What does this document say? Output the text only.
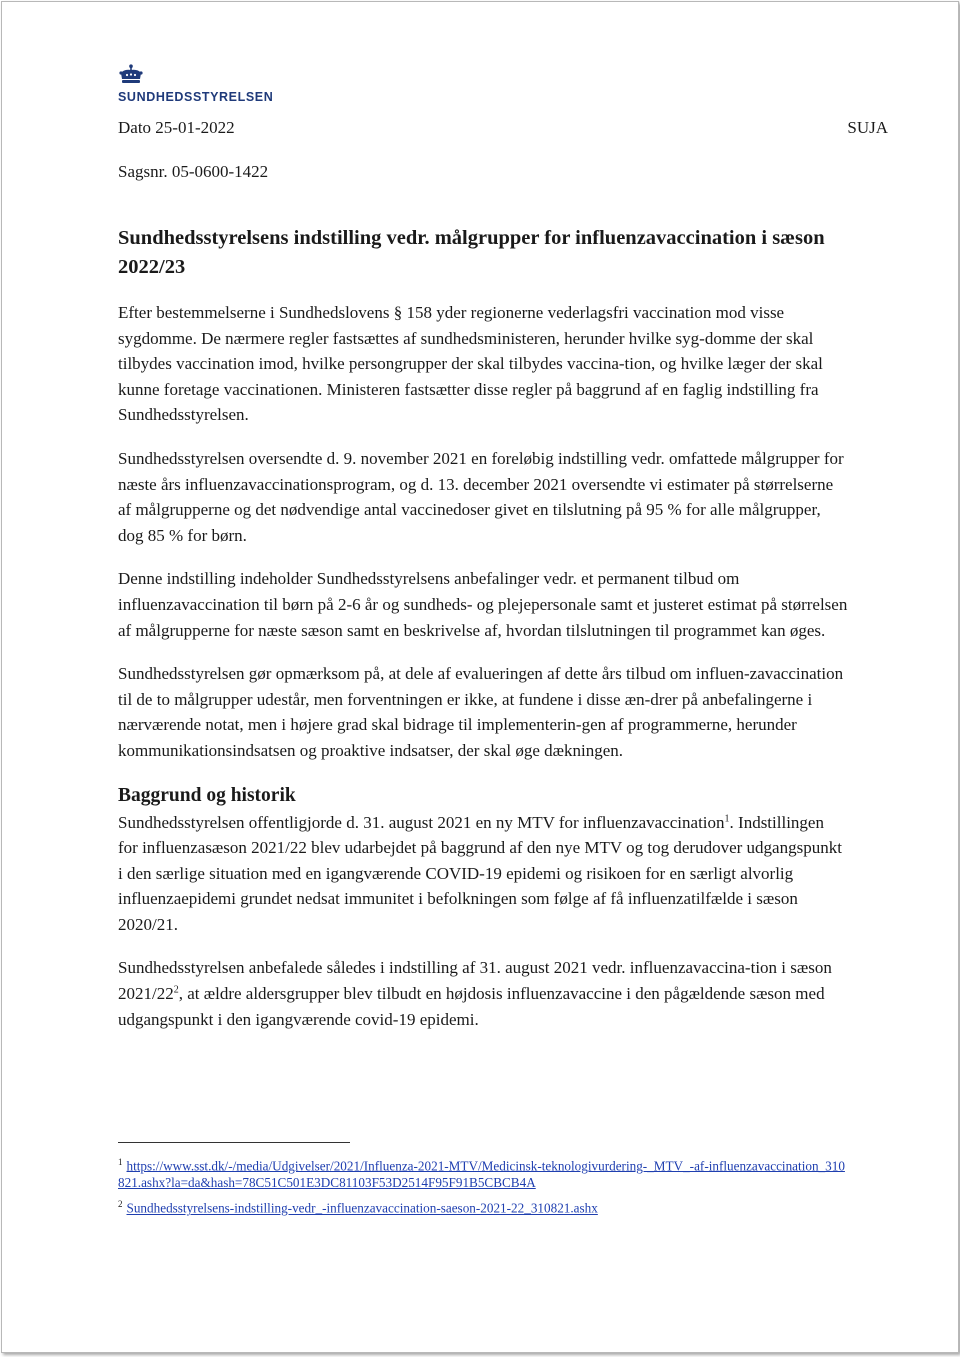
SUNDHEDSSTYRELSEN
Dato 25-01-2022	SUJA
Sagsnr. 05-0600-1422
Sundhedsstyrelsens indstilling vedr. målgrupper for influenzavaccination i sæson 2022/23

Efter bestemmelserne i Sundhedslovens § 158 yder regionerne vederlagsfri vaccination mod visse sygdomme. De nærmere regler fastsættes af sundhedsministeren, herunder hvilke syg-domme der skal tilbydes vaccination imod, hvilke persongrupper der skal tilbydes vaccina-tion, og hvilke læger der skal kunne foretage vaccinationen. Ministeren fastsætter disse regler på baggrund af en faglig indstilling fra Sundhedsstyrelsen.

Sundhedsstyrelsen oversendte d. 9. november 2021 en foreløbig indstilling vedr. omfattede målgrupper for næste års influenzavaccinationsprogram, og d. 13. december 2021 oversendte vi estimater på størrelserne af målgrupperne og det nødvendige antal vaccinedoser givet en tilslutning på 95 % for alle målgrupper, dog 85 % for børn.

Denne indstilling indeholder Sundhedsstyrelsens anbefalinger vedr. et permanent tilbud om influenzavaccination til børn på 2-6 år og sundheds- og plejepersonale samt et justeret estimat på størrelsen af målgrupperne for næste sæson samt en beskrivelse af, hvordan tilslutningen til programmet kan øges.

Sundhedsstyrelsen gør opmærksom på, at dele af evalueringen af dette års tilbud om influen-zavaccination til de to målgrupper udestår, men forventningen er ikke, at fundene i disse æn-drer på anbefalingerne i nærværende notat, men i højere grad skal bidrage til implementerin-gen af programmerne, herunder kommunikationsindsatsen og proaktive indsatser, der skal øge dækningen.

Baggrund og historik

Sundhedsstyrelsen offentligjorde d. 31. august 2021 en ny MTV for influenzavaccination$^1$. Indstillingen for influenzasæson 2021/22 blev udarbejdet på baggrund af den nye MTV og tog derudover udgangspunkt i den særlige situation med en igangværende COVID-19 epidemi og risikoen for en særligt alvorlig influenzaepidemi grundet nedsat immunitet i befolkningen som følge af få influenzatilfælde i sæson 2020/21.

Sundhedsstyrelsen anbefalede således i indstilling af 31. august 2021 vedr. influenzavaccina-tion i sæson $2021/22^2$, at ældre aldersgrupper blev tilbudt en højdosis influenzavaccine i den pågældende sæson med udgangspunkt i den igangværende covid-19 epidemi.

$^1$ https://www.sst.dk/-/media/Udgivelser/2021/Influenza-2021-MTV/Medicinsk-teknologivurdering-_MTV_-af-influenzavaccination_310821.ashx?la=da&hash=78C51C501E3DC81103F53D2514F95F91B5CBCB4A
$^2$ Sundhedsstyrelsens-indstilling-vedr_-influenzavaccination-saeson-2021-22_310821.ashx
